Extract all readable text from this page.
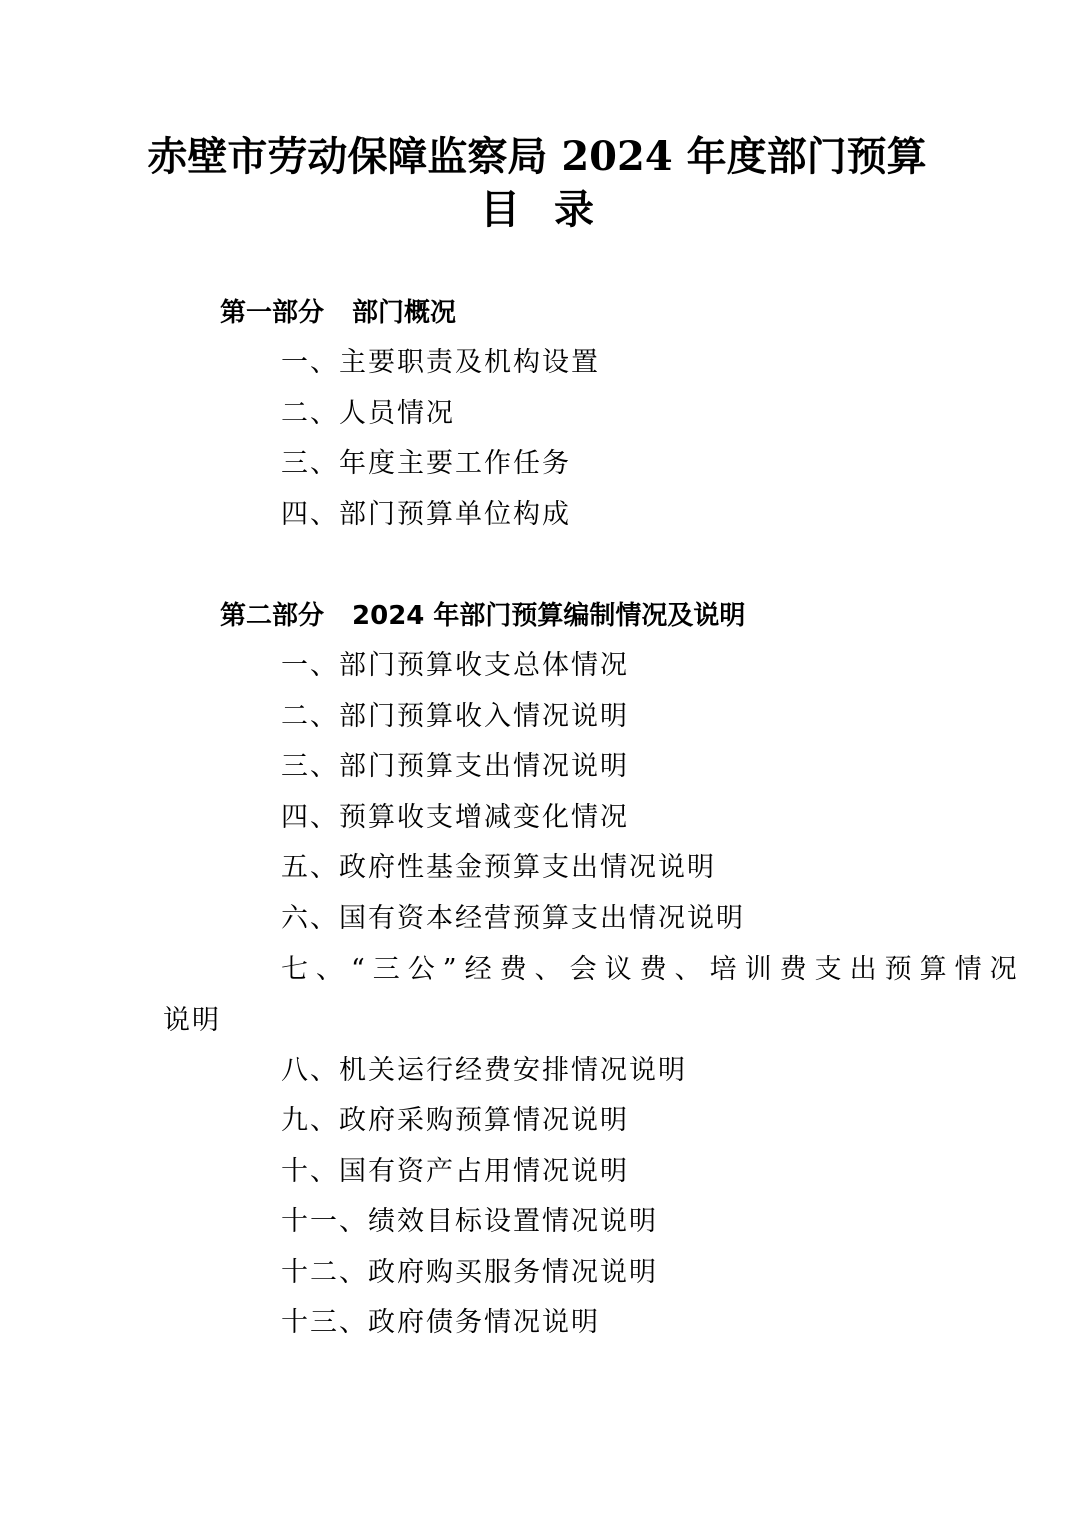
赤壁市劳动保障监察局 2024 年度部门预算
目录
第一部分 部门概况
一、主要职责及机构设置
二、人员情况
三、年度主要工作任务
四、部门预算单位构成
第二部分 2024 年部门预算编制情况及说明
一、部门预算收支总体情况
二、部门预算收入情况说明
三、部门预算支出情况说明
四、预算收支增减变化情况
五、政府性基金预算支出情况说明
六、国有资本经营预算支出情况说明
七、“三公”经费、会议费、培训费支出预算情况
说明
八、机关运行经费安排情况说明
九、政府采购预算情况说明
十、国有资产占用情况说明
十一、绩效目标设置情况说明
十二、政府购买服务情况说明
十三、政府债务情况说明
